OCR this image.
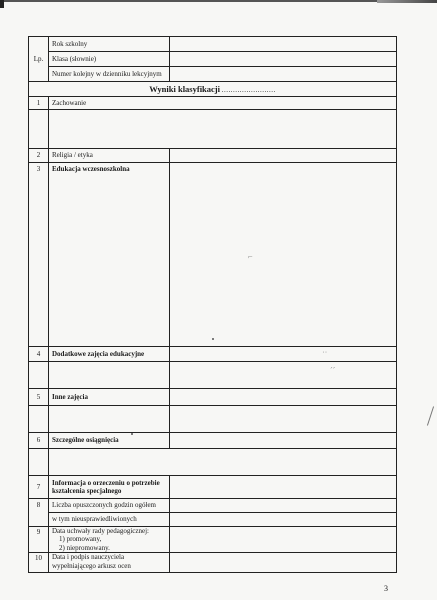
Lp.	Rok szkolny	
	Klasa (słownie)	
	Numer kolejny w dzienniku lekcyjnym	
Wyniki klasyfikacji ........................		
1	Zachowanie	

2	Religia / etyka	
3	Edukacja wczesnoszkolna	
4	Dodatkowe zajęcia edukacyjne	

5	Inne zajęcia	

6	Szczególne osiągnięcia	

7	Informacja o orzeczeniu o potrzebie kształcenia specjalnego	
8	Liczba opuszczonych godzin ogółem	
	w tym nieusprawiedliwionych	
9	Data uchwały rady pedagogicznej:
1) promowany,
2) niepromowany.	

10	Data i podpis nauczyciela wypełniającego arkusz ocen	
⌐
˙˙
ˊˊ
3
